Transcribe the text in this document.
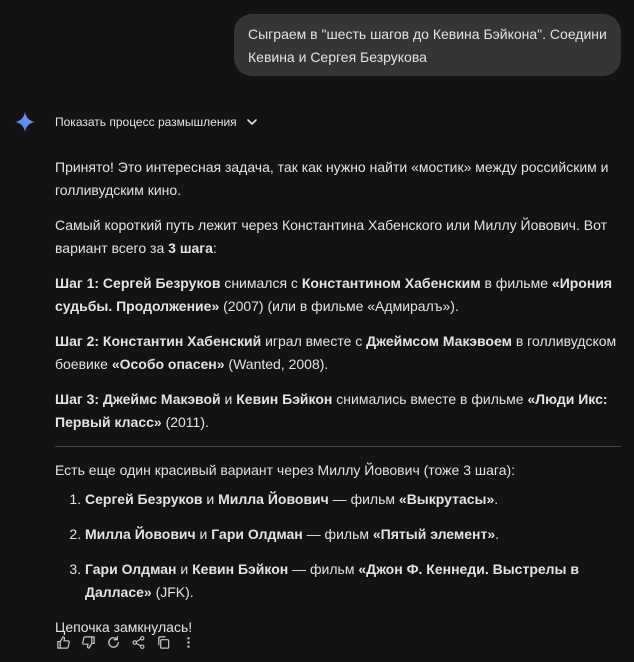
Сыграем в "шесть шагов до Кевина Бэйкона". Соедини Кевина и Сергея Безрукова
Показать процесс размышления

Принято! Это интересная задача, так как нужно найти «мостик» между российским и голливудским кино.

Самый короткий путь лежит через Константина Хабенского или Миллу Йовович. Вот вариант всего за 3 шага:

Шаг 1: Сергей Безруков снимался с Константином Хабенским в фильме «Ирония судьбы. Продолжение» (2007) (или в фильме «Адмиралъ»).

Шаг 2: Константин Хабенский играл вместе с Джеймсом Макэвоем в голливудском боевике «Особо опасен» (Wanted, 2008).

Шаг 3: Джеймс Макэвой и Кевин Бэйкон снимались вместе в фильме «Люди Икс: Первый класс» (2011).

Есть еще один красивый вариант через Миллу Йовович (тоже 3 шага):

1. Сергей Безруков и Милла Йовович — фильм «Выкрутасы».
2. Милла Йовович и Гари Олдман — фильм «Пятый элемент».
3. Гари Олдман и Кевин Бэйкон — фильм «Джон Ф. Кеннеди. Выстрелы в Далласе» (JFK).

Цепочка замкнулась!
